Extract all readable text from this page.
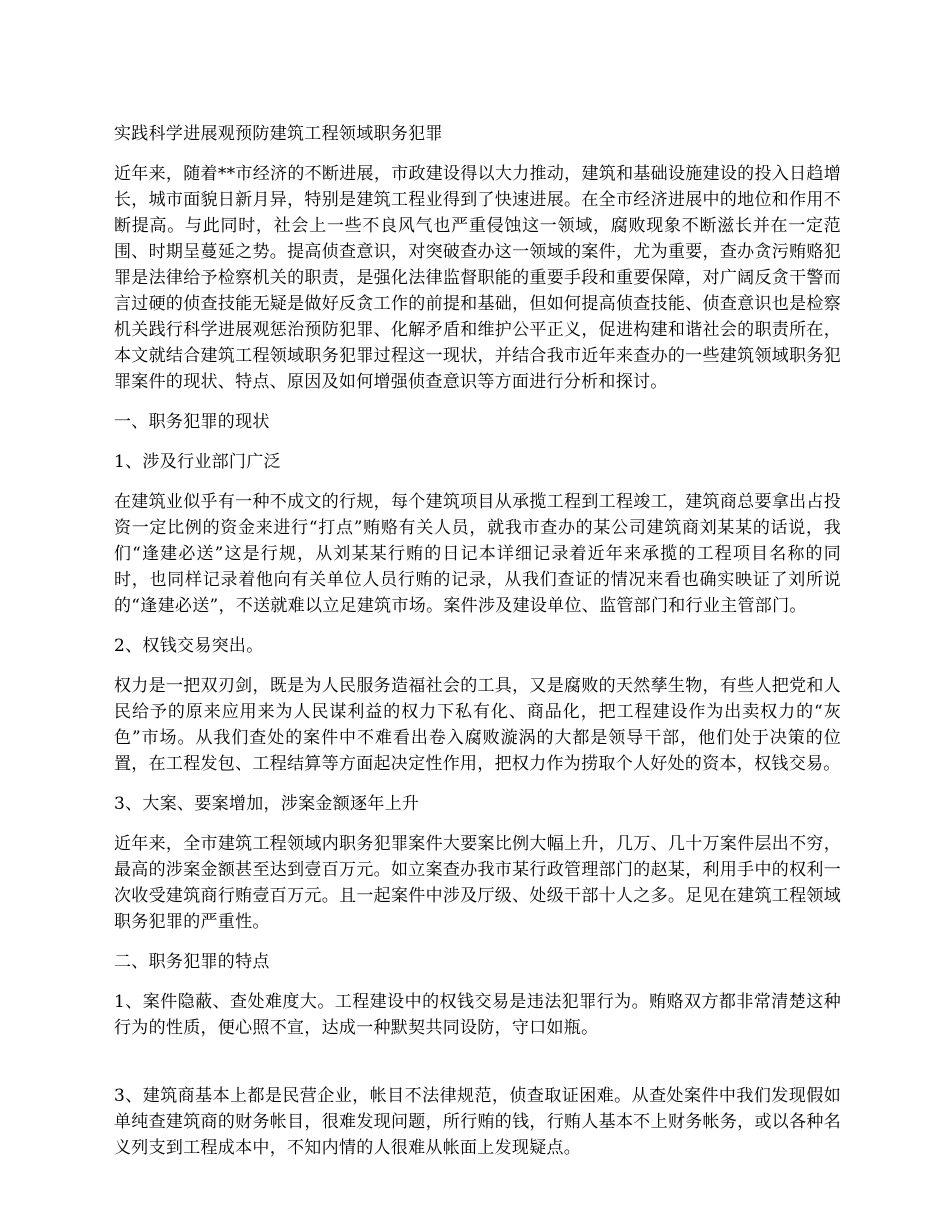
实践科学进展观预防建筑工程领域职务犯罪

近年来，随着**市经济的不断进展，市政建设得以大力推动，建筑和基础设施建设的投入日趋增长，城市面貌日新月异，特别是建筑工程业得到了快速进展。在全市经济进展中的地位和作用不断提高。与此同时，社会上一些不良风气也严重侵蚀这一领域，腐败现象不断滋长并在一定范围、时期呈蔓延之势。提高侦查意识，对突破查办这一领域的案件，尤为重要，查办贪污贿赂犯罪是法律给予检察机关的职责，是强化法律监督职能的重要手段和重要保障，对广阔反贪干警而言过硬的侦查技能无疑是做好反贪工作的前提和基础，但如何提高侦查技能、侦查意识也是检察机关践行科学进展观惩治预防犯罪、化解矛盾和维护公平正义，促进构建和谐社会的职责所在，本文就结合建筑工程领域职务犯罪过程这一现状，并结合我市近年来查办的一些建筑领域职务犯罪案件的现状、特点、原因及如何增强侦查意识等方面进行分析和探讨。

一、职务犯罪的现状

1、涉及行业部门广泛

在建筑业似乎有一种不成文的行规，每个建筑项目从承揽工程到工程竣工，建筑商总要拿出占投资一定比例的资金来进行“打点”贿赂有关人员，就我市查办的某公司建筑商刘某某的话说，我们“逢建必送”这是行规，从刘某某行贿的日记本详细记录着近年来承揽的工程项目名称的同时，也同样记录着他向有关单位人员行贿的记录，从我们查证的情况来看也确实映证了刘所说的“逢建必送”，不送就难以立足建筑市场。案件涉及建设单位、监管部门和行业主管部门。

2、权钱交易突出。

权力是一把双刃剑，既是为人民服务造福社会的工具，又是腐败的天然孳生物，有些人把党和人民给予的原来应用来为人民谋利益的权力下私有化、商品化，把工程建设作为出卖权力的“灰色”市场。从我们查处的案件中不难看出卷入腐败漩涡的大都是领导干部，他们处于决策的位置，在工程发包、工程结算等方面起决定性作用，把权力作为捞取个人好处的资本，权钱交易。

3、大案、要案增加，涉案金额逐年上升

近年来，全市建筑工程领域内职务犯罪案件大要案比例大幅上升，几万、几十万案件层出不穷，最高的涉案金额甚至达到壹百万元。如立案查办我市某行政管理部门的赵某，利用手中的权利一次收受建筑商行贿壹百万元。且一起案件中涉及厅级、处级干部十人之多。足见在建筑工程领域职务犯罪的严重性。

二、职务犯罪的特点

1、案件隐蔽、查处难度大。工程建设中的权钱交易是违法犯罪行为。贿赂双方都非常清楚这种行为的性质，便心照不宣，达成一种默契共同设防，守口如瓶。

3、建筑商基本上都是民营企业，帐目不法律规范，侦查取证困难。从查处案件中我们发现假如单纯查建筑商的财务帐目，很难发现问题，所行贿的钱，行贿人基本不上财务帐务，或以各种名义列支到工程成本中，不知内情的人很难从帐面上发现疑点。
